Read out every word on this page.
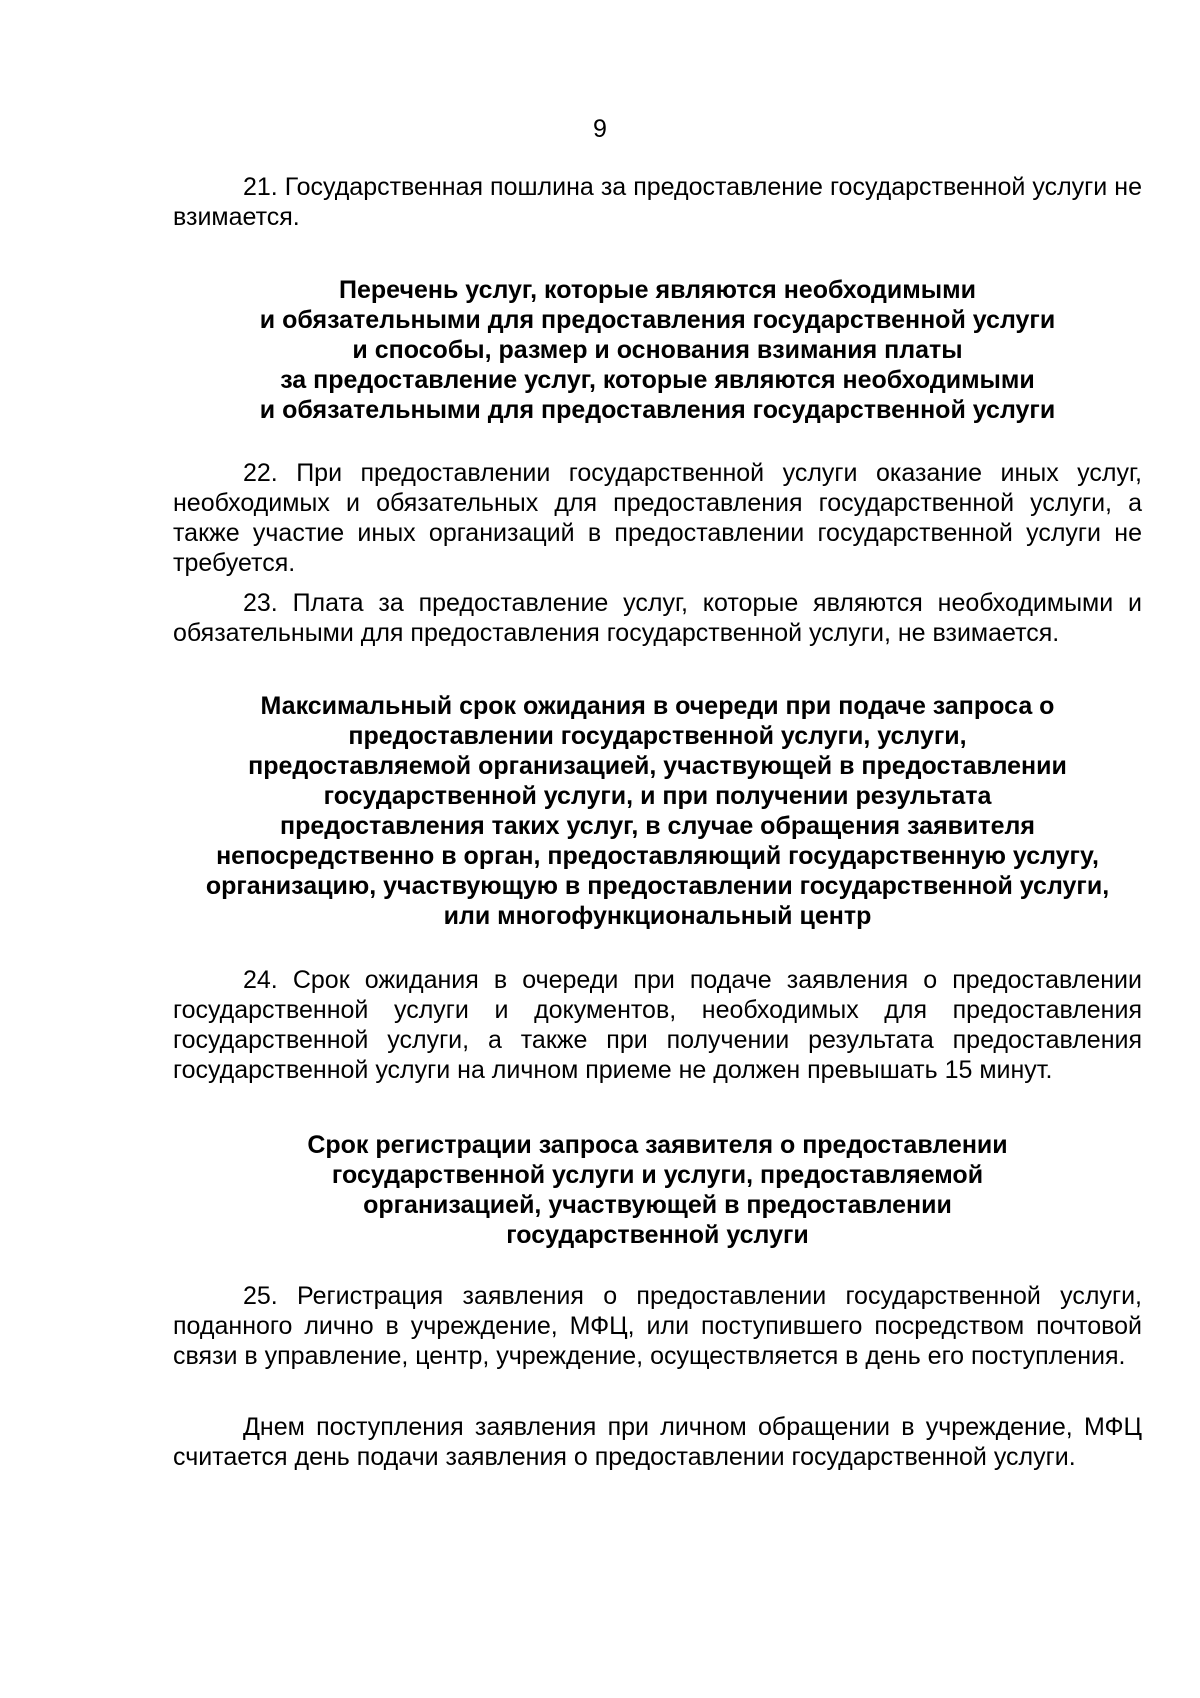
9

21. Государственная пошлина за предоставление государственной услуги не взимается.

Перечень услуг, которые являются необходимыми
и обязательными для предоставления государственной услуги
и способы, размер и основания взимания платы
за предоставление услуг, которые являются необходимыми
и обязательными для предоставления государственной услуги

22. При предоставлении государственной услуги оказание иных услуг, необходимых и обязательных для предоставления государственной услуги, а также участие иных организаций в предоставлении государственной услуги не требуется.

23. Плата за предоставление услуг, которые являются необходимыми и обязательными для предоставления государственной услуги, не взимается.

Максимальный срок ожидания в очереди при подаче запроса о
предоставлении государственной услуги, услуги,
предоставляемой организацией, участвующей в предоставлении
государственной услуги, и при получении результата
предоставления таких услуг, в случае обращения заявителя
непосредственно в орган, предоставляющий государственную услугу,
организацию, участвующую в предоставлении государственной услуги,
или многофункциональный центр

24. Срок ожидания в очереди при подаче заявления о предоставлении государственной услуги и документов, необходимых для предоставления государственной услуги, а также при получении результата предоставления государственной услуги на личном приеме не должен превышать 15 минут.

Срок регистрации запроса заявителя о предоставлении
государственной услуги и услуги, предоставляемой
организацией, участвующей в предоставлении
государственной услуги

25. Регистрация заявления о предоставлении государственной услуги, поданного лично в учреждение, МФЦ, или поступившего посредством почтовой связи в управление, центр, учреждение, осуществляется в день его поступления.

Днем поступления заявления при личном обращении в учреждение, МФЦ считается день подачи заявления о предоставлении государственной услуги.
